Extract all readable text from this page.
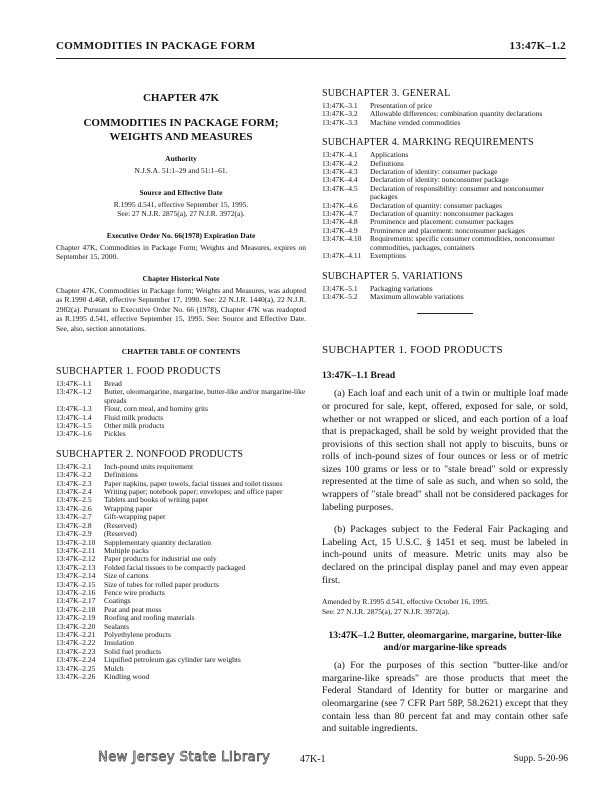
COMMODITIES IN PACKAGE FORM	13:47K–1.2
CHAPTER 47K
COMMODITIES IN PACKAGE FORM;
WEIGHTS AND MEASURES
Authority
N.J.S.A. 51:1–29 and 51:1–61.
Source and Effective Date
R.1995 d.541, effective September 15, 1995.
See: 27 N.J.R. 2875(a), 27 N.J.R. 3972(a).
Executive Order No. 66(1978) Expiration Date

Chapter 47K, Commodities in Package Form; Weights and Measures, expires on September 15, 2000.

Chapter Historical Note

Chapter 47K, Commodities in Package form; Weights and Measures, was adopted as R.1990 d.468, effective September 17, 1990. See: 22 N.J.R. 1440(a), 22 N.J.R. 2982(a). Pursuant to Executive Order No. 66 (1978), Chapter 47K was readopted as R.1995 d.541, effective September 15, 1995. See: Source and Effective Date. See, also, section annotations.

CHAPTER TABLE OF CONTENTS
SUBCHAPTER 1. FOOD PRODUCTS
13:47K–1.1	Bread
13:47K–1.2	Butter, oleomargarine, margarine, butter-like and/or margarine-like spreads
13:47K–1.3	Flour, corn meal, and hominy grits
13:47K–1.4	Fluid milk products
13:47K–1.5	Other milk products
13:47K–1.6	Pickles
SUBCHAPTER 2. NONFOOD PRODUCTS
13:47K–2.1	Inch-pound units requirement
13:47K–2.2	Definitions
13:47K–2.3	Paper napkins, paper towels, facial tissues and toilet tissues
13:47K–2.4	Writing paper; notebook paper; envelopes; and office paper
13:47K–2.5	Tablets and books of writing paper
13:47K–2.6	Wrapping paper
13:47K–2.7	Gift-wrapping paper
13:47K–2.8	(Reserved)
13:47K–2.9	(Reserved)
13:47K–2.10	Supplementary quantity declaration
13:47K–2.11	Multiple packs
13:47K–2.12	Paper products for industrial use only
13:47K–2.13	Folded facial tissues to be compactly packaged
13:47K–2.14	Size of cartons
13:47K–2.15	Size of tubes for rolled paper products
13:47K–2.16	Fence wire products
13:47K–2.17	Coatings
13:47K–2.18	Peat and peat moss
13:47K–2.19	Roofing and roofing materials
13:47K–2.20	Sealants
13:47K–2.21	Polyethylene products
13:47K–2.22	Insulation
13:47K–2.23	Solid fuel products
13:47K–2.24	Liquified petroleum gas cylinder tare weights
13:47K–2.25	Mulch
13:47K–2.26	Kindling wood
SUBCHAPTER 3. GENERAL
13:47K–3.1	Presentation of price
13:47K–3.2	Allowable differences: combination quantity declarations
13:47K–3.3	Machine vended commodities
SUBCHAPTER 4. MARKING REQUIREMENTS
13:47K–4.1	Applications
13:47K–4.2	Definitions
13:47K–4.3	Declaration of identity: consumer package
13:47K–4.4	Declaration of identity: nonconsumer package
13:47K–4.5	Declaration of responsibility: consumer and nonconsumer packages
13:47K–4.6	Declaration of quantity: consumer packages
13:47K–4.7	Declaration of quantity: nonconsumer packages
13:47K–4.8	Prominence and placement: consumer packages
13:47K–4.9	Prominence and placement: nonconsumer packages
13:47K–4.10	Requirements: specific consumer commodities, nonconsumer commodities, packages, containers
13:47K–4.11	Exemptions
SUBCHAPTER 5. VARIATIONS
13:47K–5.1	Packaging variations
13:47K–5.2	Maximum allowable variations
SUBCHAPTER 1. FOOD PRODUCTS
13:47K–1.1 Bread

(a) Each loaf and each unit of a twin or multiple loaf made or procured for sale, kept, offered, exposed for sale, or sold, whether or not wrapped or sliced, and each portion of a loaf that is prepackaged, shall be sold by weight provided that the provisions of this section shall not apply to biscuits, buns or rolls of inch-pound sizes of four ounces or less or of metric sizes 100 grams or less or to "stale bread" sold or expressly represented at the time of sale as such, and when so sold, the wrappers of "stale bread" shall not be considered packages for labeling purposes.

(b) Packages subject to the Federal Fair Packaging and Labeling Act, 15 U.S.C. § 1451 et seq. must be labeled in inch-pound units of measure. Metric units may also be declared on the principal display panel and may even appear first.

Amended by R.1995 d.541, effective October 16, 1995.
See: 27 N.J.R. 2875(a), 27 N.J.R. 3972(a).
13:47K–1.2 Butter, oleomargarine, margarine, butter-like
and/or margarine-like spreads

(a) For the purposes of this section "butter-like and/or margarine-like spreads" are those products that meet the Federal Standard of Identity for butter or margarine and oleomargarine (see 7 CFR Part 58P, 58.2621) except that they contain less than 80 percent fat and may contain other safe and suitable ingredients.

New Jersey State Library	47K-1	Supp. 5-20-96
